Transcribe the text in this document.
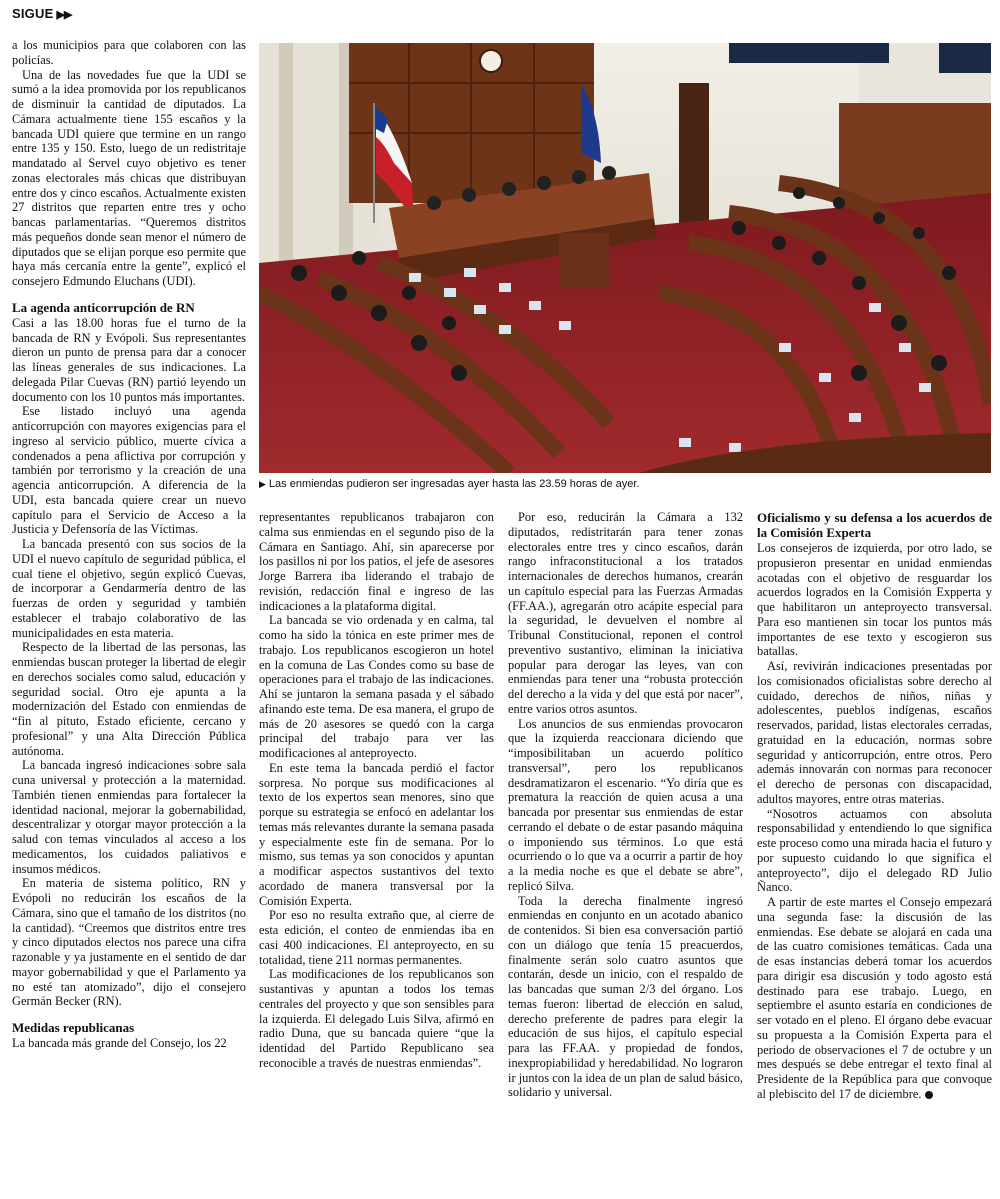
SIGUE ▶▶

a los municipios para que colaboren con las policías.

Una de las novedades fue que la UDI se sumó a la idea promovida por los republicanos de disminuir la cantidad de diputados. La Cámara actualmente tiene 155 escaños y la bancada UDI quiere que termine en un rango entre 135 y 150. Esto, luego de un redistritaje mandatado al Servel cuyo objetivo es tener zonas electorales más chicas que distribuyan entre dos y cinco escaños. Actualmente existen 27 distritos que reparten entre tres y ocho bancas parlamentarias. “Queremos distritos más pequeños donde sean menor el número de diputados que se elijan porque eso permite que haya más cercanía entre la gente”, explicó el consejero Edmundo Eluchans (UDI).

La agenda anticorrupción de RN

Casi a las 18.00 horas fue el turno de la bancada de RN y Evópoli. Sus representantes dieron un punto de prensa para dar a conocer las líneas generales de sus indicaciones. La delegada Pilar Cuevas (RN) partió leyendo un documento con los 10 puntos más importantes.

Ese listado incluyó una agenda anticorrupción con mayores exigencias para el ingreso al servicio público, muerte cívica a condenados a pena aflictiva por corrupción y también por terrorismo y la creación de una agencia anticorrupción. A diferencia de la UDI, esta bancada quiere crear un nuevo capítulo para el Servicio de Acceso a la Justicia y Defensoría de las Víctimas.

La bancada presentó con sus socios de la UDI el nuevo capítulo de seguridad pública, el cual tiene el objetivo, según explicó Cuevas, de incorporar a Gendarmería dentro de las fuerzas de orden y seguridad y también establecer el trabajo colaborativo de las municipalidades en esta materia.

Respecto de la libertad de las personas, las enmiendas buscan proteger la libertad de elegir en derechos sociales como salud, educación y seguridad social. Otro eje apunta a la modernización del Estado con enmiendas de “fin al pituto, Estado eficiente, cercano y profesional” y una Alta Dirección Pública autónoma.

La bancada ingresó indicaciones sobre sala cuna universal y protección a la maternidad. También tienen enmiendas para fortalecer la identidad nacional, mejorar la gobernabilidad, descentralizar y otorgar mayor protección a la salud con temas vinculados al acceso a los medicamentos, los cuidados paliativos e insumos médicos.

En materia de sistema político, RN y Evópoli no reducirán los escaños de la Cámara, sino que el tamaño de los distritos (no la cantidad). “Creemos que distritos entre tres y cinco diputados electos nos parece una cifra razonable y ya justamente en el sentido de dar mayor gobernabilidad y que el Parlamento ya no esté tan atomizado”, dijo el consejero Germán Becker (RN).

Medidas republicanas

La bancada más grande del Consejo, los 22

▶ Las enmiendas pudieron ser ingresadas ayer hasta las 23.59 horas de ayer.

representantes republicanos trabajaron con calma sus enmiendas en el segundo piso de la Cámara en Santiago. Ahí, sin aparecerse por los pasillos ni por los patios, el jefe de asesores Jorge Barrera iba liderando el trabajo de revisión, redacción final e ingreso de las indicaciones a la plataforma digital.

La bancada se vio ordenada y en calma, tal como ha sido la tónica en este primer mes de trabajo. Los republicanos escogieron un hotel en la comuna de Las Condes como su base de operaciones para el trabajo de las indicaciones. Ahí se juntaron la semana pasada y el sábado afinando este tema. De esa manera, el grupo de más de 20 asesores se quedó con la carga principal del trabajo para ver las modificaciones al anteproyecto.

En este tema la bancada perdió el factor sorpresa. No porque sus modificaciones al texto de los expertos sean menores, sino que porque su estrategia se enfocó en adelantar los temas más relevantes durante la semana pasada y especialmente este fin de semana. Por lo mismo, sus temas ya son conocidos y apuntan a modificar aspectos sustantivos del texto acordado de manera transversal por la Comisión Experta.

Por eso no resulta extraño que, al cierre de esta edición, el conteo de enmiendas iba en casi 400 indicaciones. El anteproyecto, en su totalidad, tiene 211 normas permanentes.

Las modificaciones de los republicanos son sustantivas y apuntan a todos los temas centrales del proyecto y que son sensibles para la izquierda. El delegado Luis Silva, afirmó en radio Duna, que su bancada quiere “que la identidad del Partido Republicano sea reconocible a través de nuestras enmiendas”.

Por eso, reducirán la Cámara a 132 diputados, redistritarán para tener zonas electorales entre tres y cinco escaños, darán rango infraconstitucional a los tratados internacionales de derechos humanos, crearán un capítulo especial para las Fuerzas Armadas (FF.AA.), agregarán otro acápite especial para la seguridad, le devuelven el nombre al Tribunal Constitucional, reponen el control preventivo sustantivo, eliminan la iniciativa popular para derogar las leyes, van con enmiendas para tener una “robusta protección del derecho a la vida y del que está por nacer”, entre varios otros asuntos.

Los anuncios de sus enmiendas provocaron que la izquierda reaccionara diciendo que “imposibilitaban un acuerdo político transversal”, pero los republicanos desdramatizaron el escenario. “Yo diría que es prematura la reacción de quien acusa a una bancada por presentar sus enmiendas de estar cerrando el debate o de estar pasando máquina o imponiendo sus términos. Lo que está ocurriendo o lo que va a ocurrir a partir de hoy a la media noche es que el debate se abre”, replicó Silva.

Toda la derecha finalmente ingresó enmiendas en conjunto en un acotado abanico de contenidos. Si bien esa conversación partió con un diálogo que tenía 15 preacuerdos, finalmente serán solo cuatro asuntos que contarán, desde un inicio, con el respaldo de las bancadas que suman 2/3 del órgano. Los temas fueron: libertad de elección en salud, derecho preferente de padres para elegir la educación de sus hijos, el capítulo especial para las FF.AA. y propiedad de fondos, inexpropiabilidad y heredabilidad. No lograron ir juntos con la idea de un plan de salud básico, solidario y universal.

Oficialismo y su defensa a los acuerdos de la Comisión Experta

Los consejeros de izquierda, por otro lado, se propusieron presentar en unidad enmiendas acotadas con el objetivo de resguardar los acuerdos logrados en la Comisión Expperta y que habilitaron un anteproyecto transversal. Para eso mantienen sin tocar los puntos más importantes de ese texto y escogieron sus batallas.

Así, revivirán indicaciones presentadas por los comisionados oficialistas sobre derecho al cuidado, derechos de niños, niñas y adolescentes, pueblos indígenas, escaños reservados, paridad, listas electorales cerradas, gratuidad en la educación, normas sobre seguridad y anticorrupción, entre otros. Pero además innovarán con normas para reconocer el derecho de personas con discapacidad, adultos mayores, entre otras materias.

“Nosotros actuamos con absoluta responsabilidad y entendiendo lo que significa este proceso como una mirada hacia el futuro y por supuesto cuidando lo que significa el anteproyecto”, dijo el delegado RD Julio Ñanco.

A partir de este martes el Consejo empezará una segunda fase: la discusión de las enmiendas. Ese debate se alojará en cada una de las cuatro comisiones temáticas. Cada una de esas instancias deberá tomar los acuerdos para dirigir esa discusión y todo agosto está destinado para ese trabajo. Luego, en septiembre el asunto estaría en condiciones de ser votado en el pleno. El órgano debe evacuar su propuesta a la Comisión Experta para el periodo de observaciones el 7 de octubre y un mes después se debe entregar el texto final al Presidente de la República para que convoque al plebiscito del 17 de diciembre.
